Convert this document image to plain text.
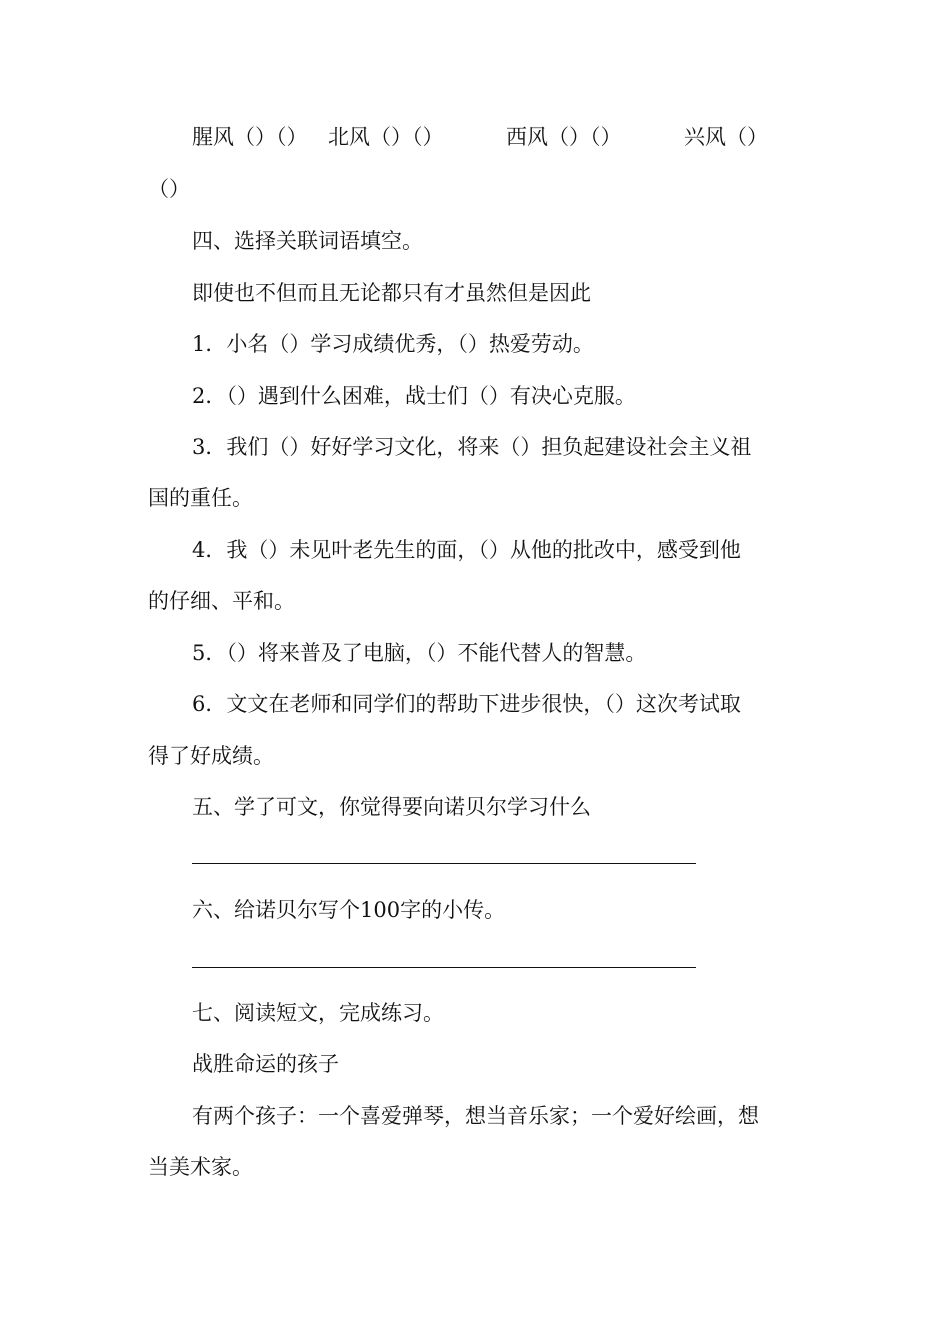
腥风（）（） 北风（）（）	西风（）（）	兴风（）
（）
四、选择关联词语填空。
即使也不但而且无论都只有才虽然但是因此
1．小名（）学习成绩优秀，（）热爱劳动。
2．（）遇到什么困难，战士们（）有决心克服。
3．我们（）好好学习文化，将来（）担负起建设社会主义祖
国的重任。
4．我（）未见叶老先生的面，（）从他的批改中，感受到他
的仔细、平和。
5．（）将来普及了电脑，（）不能代替人的智慧。
6．文文在老师和同学们的帮助下进步很快，（）这次考试取
得了好成绩。
五、学了可文，你觉得要向诺贝尔学习什么
六、给诺贝尔写个100字的小传。
七、阅读短文，完成练习。
战胜命运的孩子
有两个孩子：一个喜爱弹琴，想当音乐家；一个爱好绘画，想
当美术家。
